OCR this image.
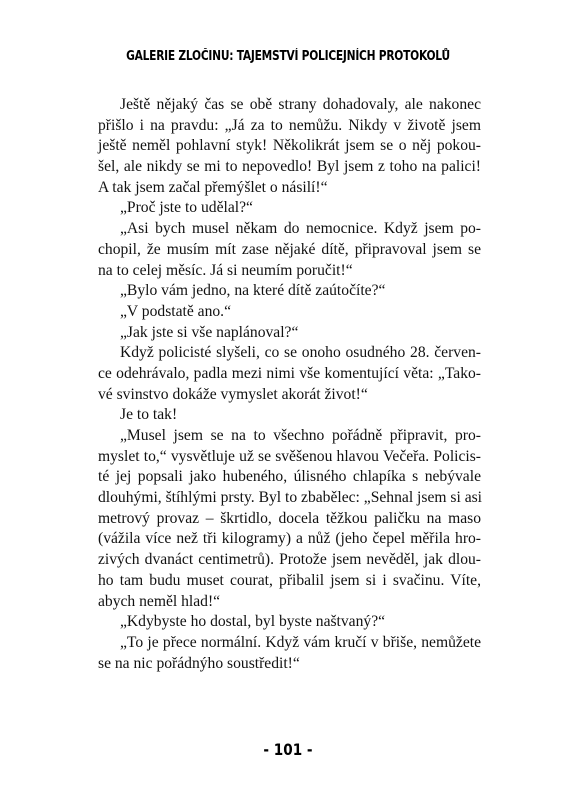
GALERIE ZLOČINU: TAJEMSTVÍ POLICEJNÍCH PROTOKOLŮ
Ještě nějaký čas se obě strany dohadovaly, ale nakonec
přišlo i na pravdu: „Já za to nemůžu. Nikdy v životě jsem
ještě neměl pohlavní styk! Několikrát jsem se o něj pokou-
šel, ale nikdy se mi to nepovedlo! Byl jsem z toho na palici!
A tak jsem začal přemýšlet o násilí!“
„Proč jste to udělal?“
„Asi bych musel někam do nemocnice. Když jsem po-
chopil, že musím mít zase nějaké dítě, připravoval jsem se
na to celej měsíc. Já si neumím poručit!“
„Bylo vám jedno, na které dítě zaútočíte?“
„V podstatě ano.“
„Jak jste si vše naplánoval?“
Když policisté slyšeli, co se onoho osudného 28. červen-
ce odehrávalo, padla mezi nimi vše komentující věta: „Tako-
vé svinstvo dokáže vymyslet akorát život!“
Je to tak!
„Musel jsem se na to všechno pořádně připravit, pro-
myslet to,“ vysvětluje už se svěšenou hlavou Večeřa. Policis-
té jej popsali jako hubeného, úlisného chlapíka s nebývale
dlouhými, štíhlými prsty. Byl to zbabělec: „Sehnal jsem si asi
metrový provaz – škrtidlo, docela těžkou paličku na maso
(vážila více než tři kilogramy) a nůž (jeho čepel měřila hro-
zivých dvanáct centimetrů). Protože jsem nevěděl, jak dlou-
ho tam budu muset courat, přibalil jsem si i svačinu. Víte,
abych neměl hlad!“
„Kdybyste ho dostal, byl byste naštvaný?“
„To je přece normální. Když vám kručí v břiše, nemůžete
se na nic pořádnýho soustředit!“
- 101 -
